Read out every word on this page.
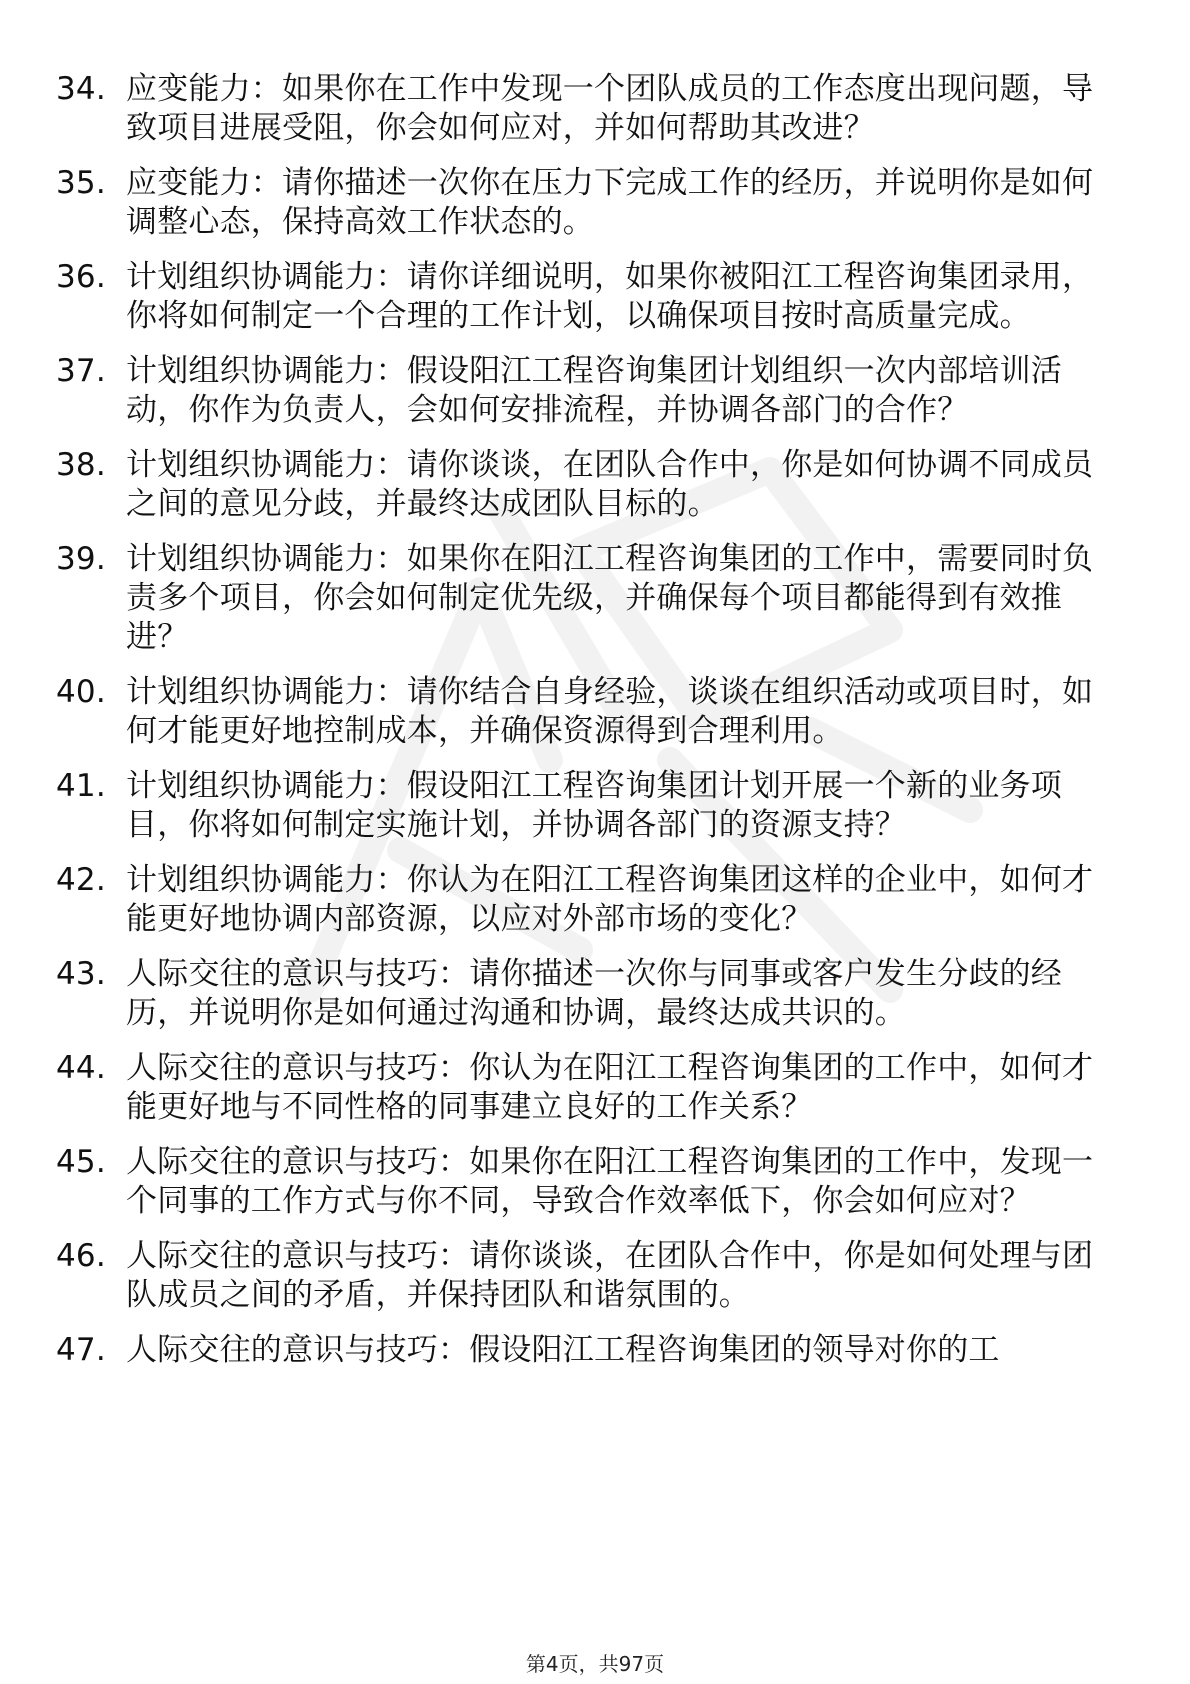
34. 应变能力：如果你在工作中发现一个团队成员的工作态度出现问题，导致项目进展受阻，你会如何应对，并如何帮助其改进？
35. 应变能力：请你描述一次你在压力下完成工作的经历，并说明你是如何调整心态，保持高效工作状态的。
36. 计划组织协调能力：请你详细说明，如果你被阳江工程咨询集团录用，你将如何制定一个合理的工作计划，以确保项目按时高质量完成。
37. 计划组织协调能力：假设阳江工程咨询集团计划组织一次内部培训活动，你作为负责人，会如何安排流程，并协调各部门的合作？
38. 计划组织协调能力：请你谈谈，在团队合作中，你是如何协调不同成员之间的意见分歧，并最终达成团队目标的。
39. 计划组织协调能力：如果你在阳江工程咨询集团的工作中，需要同时负责多个项目，你会如何制定优先级，并确保每个项目都能得到有效推进？
40. 计划组织协调能力：请你结合自身经验，谈谈在组织活动或项目时，如何才能更好地控制成本，并确保资源得到合理利用。
41. 计划组织协调能力：假设阳江工程咨询集团计划开展一个新的业务项目，你将如何制定实施计划，并协调各部门的资源支持？
42. 计划组织协调能力：你认为在阳江工程咨询集团这样的企业中，如何才能更好地协调内部资源，以应对外部市场的变化？
43. 人际交往的意识与技巧：请你描述一次你与同事或客户发生分歧的经历，并说明你是如何通过沟通和协调，最终达成共识的。
44. 人际交往的意识与技巧：你认为在阳江工程咨询集团的工作中，如何才能更好地与不同性格的同事建立良好的工作关系？
45. 人际交往的意识与技巧：如果你在阳江工程咨询集团的工作中，发现一个同事的工作方式与你不同，导致合作效率低下，你会如何应对？
46. 人际交往的意识与技巧：请你谈谈，在团队合作中，你是如何处理与团队成员之间的矛盾，并保持团队和谐氛围的。
47. 人际交往的意识与技巧：假设阳江工程咨询集团的领导对你的工
第4页，共97页
